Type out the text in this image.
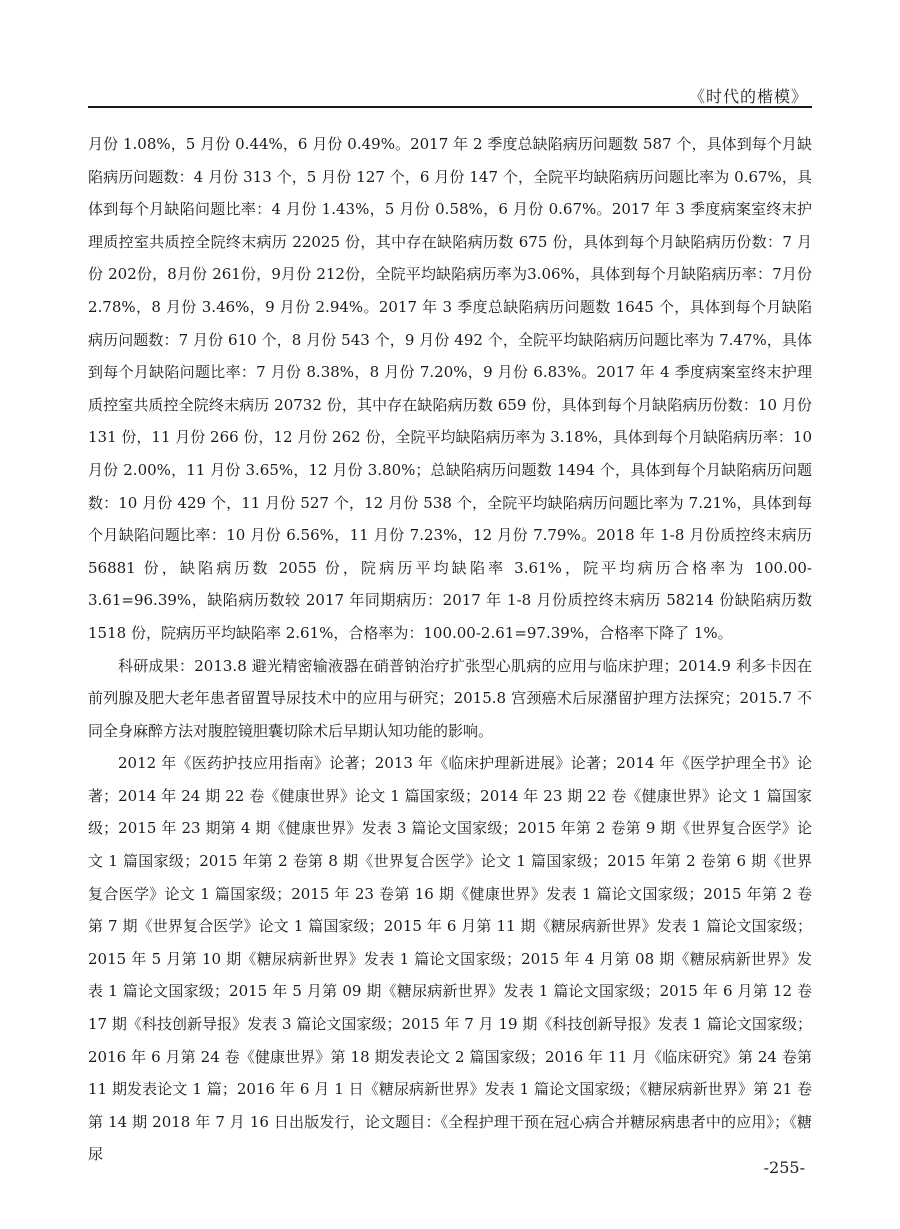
《时代的楷模》

月份 1.08%，5 月份 0.44%，6 月份 0.49%。2017 年 2 季度总缺陷病历问题数 587 个，具体到每个月缺陷病历问题数：4 月份 313 个，5 月份 127 个，6 月份 147 个，全院平均缺陷病历问题比率为 0.67%，具体到每个月缺陷问题比率：4 月份 1.43%，5 月份 0.58%，6 月份 0.67%。2017 年 3 季度病案室终末护理质控室共质控全院终末病历 22025 份，其中存在缺陷病历数 675 份，具体到每个月缺陷病历份数：7 月份 202份，8月份 261份，9月份 212份，全院平均缺陷病历率为3.06%，具体到每个月缺陷病历率：7月份 2.78%，8 月份 3.46%，9 月份 2.94%。2017 年 3 季度总缺陷病历问题数 1645 个，具体到每个月缺陷病历问题数：7 月份 610 个，8 月份 543 个，9 月份 492 个，全院平均缺陷病历问题比率为 7.47%，具体到每个月缺陷问题比率：7 月份 8.38%，8 月份 7.20%，9 月份 6.83%。2017 年 4 季度病案室终末护理质控室共质控全院终末病历 20732 份，其中存在缺陷病历数 659 份，具体到每个月缺陷病历份数：10 月份 131 份，11 月份 266 份，12 月份 262 份，全院平均缺陷病历率为 3.18%，具体到每个月缺陷病历率：10 月份 2.00%，11 月份 3.65%，12 月份 3.80%；总缺陷病历问题数 1494 个，具体到每个月缺陷病历问题数：10 月份 429 个，11 月份 527 个，12 月份 538 个，全院平均缺陷病历问题比率为 7.21%，具体到每个月缺陷问题比率：10 月份 6.56%，11 月份 7.23%，12 月份 7.79%。2018 年 1-8 月份质控终末病历 56881 份，缺陷病历数 2055 份，院病历平均缺陷率 3.61%，院平均病历合格率为 100.00-3.61=96.39%，缺陷病历数较 2017 年同期病历：2017 年 1-8 月份质控终末病历 58214 份缺陷病历数 1518 份，院病历平均缺陷率 2.61%，合格率为：100.00-2.61=97.39%，合格率下降了 1%。

科研成果：2013.8 避光精密输液器在硝普钠治疗扩张型心肌病的应用与临床护理；2014.9 利多卡因在前列腺及肥大老年患者留置导尿技术中的应用与研究；2015.8 宫颈癌术后尿潴留护理方法探究；2015.7 不同全身麻醉方法对腹腔镜胆囊切除术后早期认知功能的影响。

2012 年《医药护技应用指南》论著；2013 年《临床护理新进展》论著；2014 年《医学护理全书》论著；2014 年 24 期 22 卷《健康世界》论文 1 篇国家级；2014 年 23 期 22 卷《健康世界》论文 1 篇国家级；2015 年 23 期第 4 期《健康世界》发表 3 篇论文国家级；2015 年第 2 卷第 9 期《世界复合医学》论文 1 篇国家级；2015 年第 2 卷第 8 期《世界复合医学》论文 1 篇国家级；2015 年第 2 卷第 6 期《世界复合医学》论文 1 篇国家级；2015 年 23 卷第 16 期《健康世界》发表 1 篇论文国家级；2015 年第 2 卷第 7 期《世界复合医学》论文 1 篇国家级；2015 年 6 月第 11 期《糖尿病新世界》发表 1 篇论文国家级；2015 年 5 月第 10 期《糖尿病新世界》发表 1 篇论文国家级；2015 年 4 月第 08 期《糖尿病新世界》发表 1 篇论文国家级；2015 年 5 月第 09 期《糖尿病新世界》发表 1 篇论文国家级；2015 年 6 月第 12 卷 17 期《科技创新导报》发表 3 篇论文国家级；2015 年 7 月 19 期《科技创新导报》发表 1 篇论文国家级；2016 年 6 月第 24 卷《健康世界》第 18 期发表论文 2 篇国家级；2016 年 11 月《临床研究》第 24 卷第 11 期发表论文 1 篇；2016 年 6 月 1 日《糖尿病新世界》发表 1 篇论文国家级；《糖尿病新世界》第 21 卷第 14 期 2018 年 7 月 16 日出版发行，论文题目：《全程护理干预在冠心病合并糖尿病患者中的应用》；《糖尿

-255-
